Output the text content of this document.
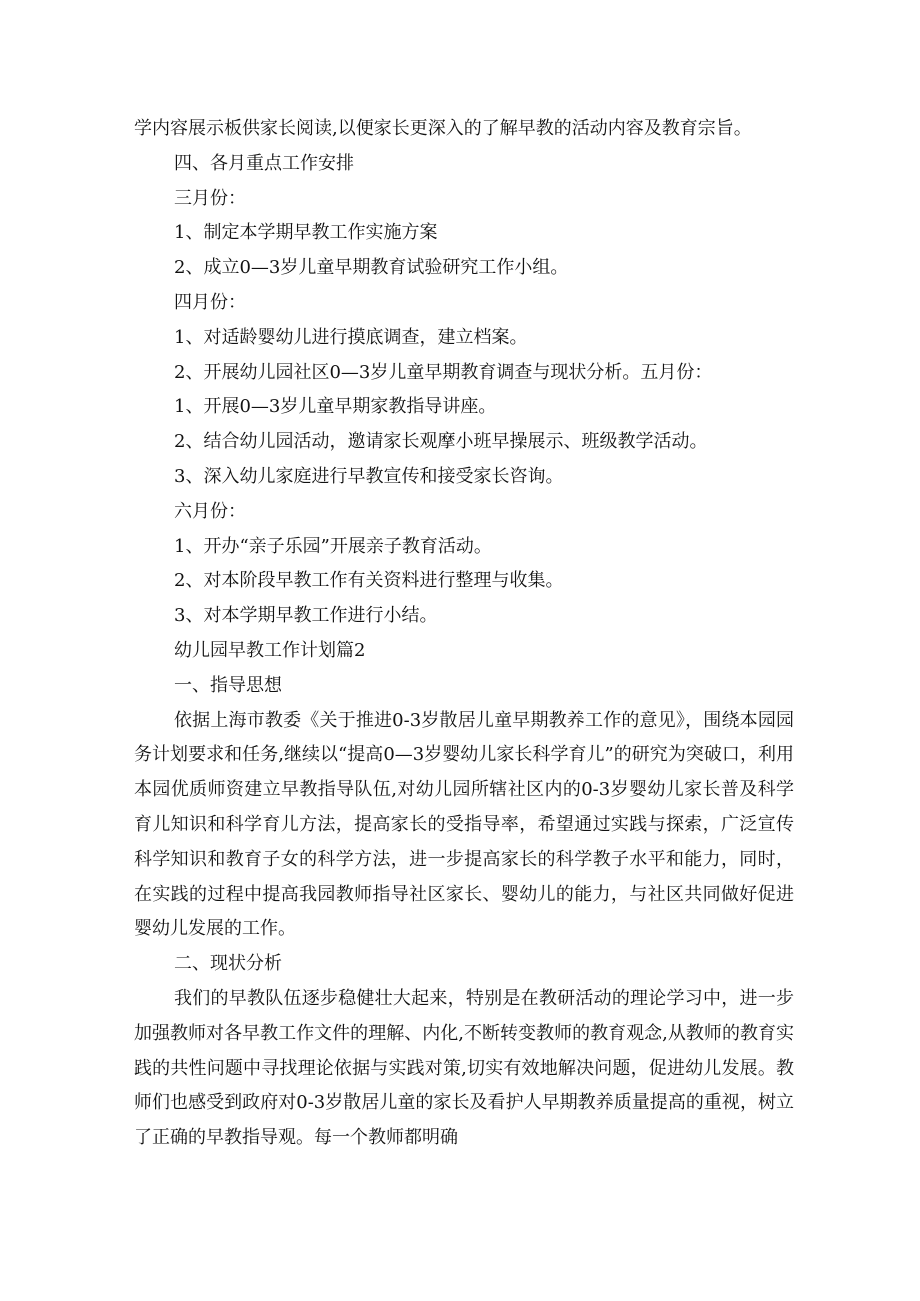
学内容展示板供家长阅读,以便家长更深入的了解早教的活动内容及教育宗旨。

四、各月重点工作安排

三月份：

1、制定本学期早教工作实施方案

2、成立0—3岁儿童早期教育试验研究工作小组。

四月份：

1、对适龄婴幼儿进行摸底调查，建立档案。

2、开展幼儿园社区0—3岁儿童早期教育调查与现状分析。五月份：

1、开展0—3岁儿童早期家教指导讲座。

2、结合幼儿园活动，邀请家长观摩小班早操展示、班级教学活动。

3、深入幼儿家庭进行早教宣传和接受家长咨询。

六月份：

1、开办“亲子乐园”开展亲子教育活动。

2、对本阶段早教工作有关资料进行整理与收集。

3、对本学期早教工作进行小结。

幼儿园早教工作计划篇2

一、指导思想

依据上海市教委《关于推进0-3岁散居儿童早期教养工作的意见》，围绕本园园务计划要求和任务,继续以“提高0—3岁婴幼儿家长科学育儿”的研究为突破口，利用本园优质师资建立早教指导队伍,对幼儿园所辖社区内的0-3岁婴幼儿家长普及科学育儿知识和科学育儿方法，提高家长的受指导率，希望通过实践与探索，广泛宣传科学知识和教育子女的科学方法，进一步提高家长的科学教子水平和能力，同时，在实践的过程中提高我园教师指导社区家长、婴幼儿的能力，与社区共同做好促进婴幼儿发展的工作。

二、现状分析

我们的早教队伍逐步稳健壮大起来，特别是在教研活动的理论学习中，进一步加强教师对各早教工作文件的理解、内化,不断转变教师的教育观念,从教师的教育实践的共性问题中寻找理论依据与实践对策,切实有效地解决问题，促进幼儿发展。教师们也感受到政府对0-3岁散居儿童的家长及看护人早期教养质量提高的重视，树立了正确的早教指导观。每一个教师都明确
